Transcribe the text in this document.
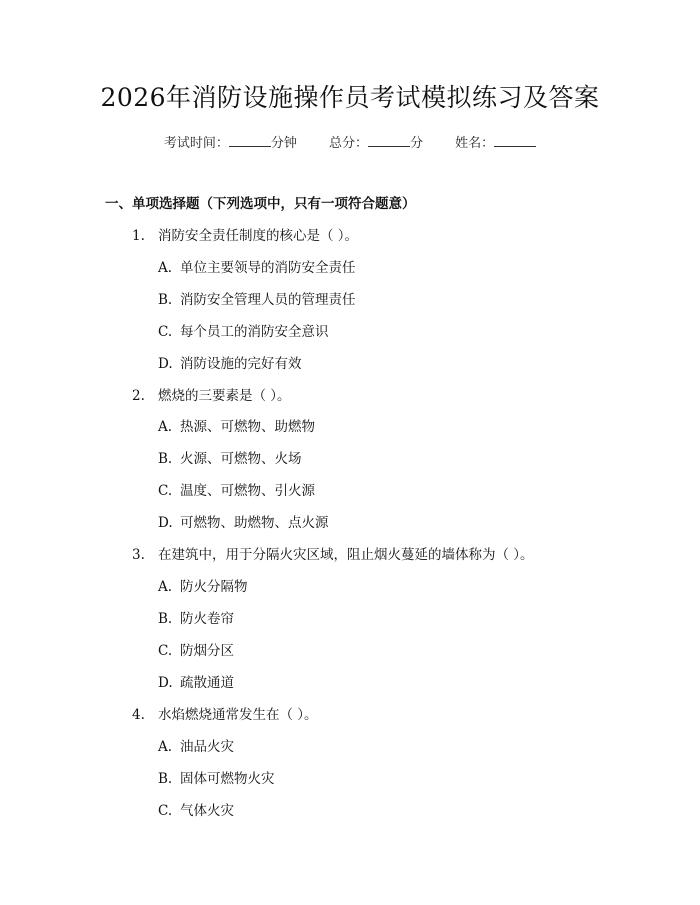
2026年消防设施操作员考试模拟练习及答案
考试时间：	分钟 总分：	分 姓名：
一、单项选择题（下列选项中，只有一项符合题意）
1. 消防安全责任制度的核心是（ ）。
A. 单位主要领导的消防安全责任
B. 消防安全管理人员的管理责任
C. 每个员工的消防安全意识
D. 消防设施的完好有效
2. 燃烧的三要素是（ ）。
A. 热源、可燃物、助燃物
B. 火源、可燃物、火场
C. 温度、可燃物、引火源
D. 可燃物、助燃物、点火源
3. 在建筑中，用于分隔火灾区域，阻止烟火蔓延的墙体称为（ ）。
A. 防火分隔物
B. 防火卷帘
C. 防烟分区
D. 疏散通道
4. 水焰燃烧通常发生在（ ）。
A. 油品火灾
B. 固体可燃物火灾
C. 气体火灾
